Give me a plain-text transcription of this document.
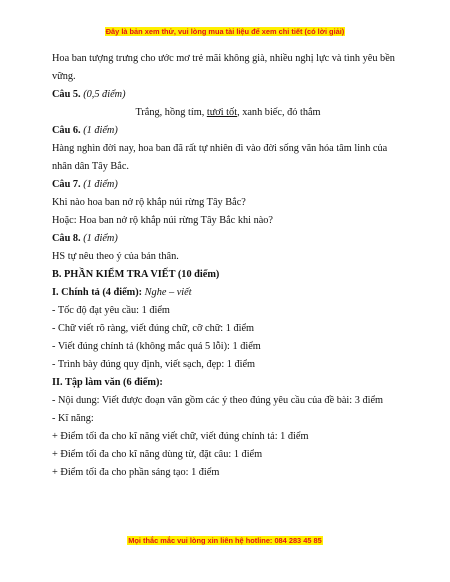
Đây là bản xem thử, vui lòng mua tài liệu để xem chi tiết (có lời giải)

Hoa ban tượng trưng cho ước mơ trẻ mãi không già, nhiều nghị lực và tình yêu bền vững.

Câu 5. (0,5 điểm)

Trắng, hồng tím, tươi tốt, xanh biếc, đỏ thắm

Câu 6. (1 điểm)

Hàng nghìn đời nay, hoa ban đã rất tự nhiên đi vào đời sống văn hóa tâm linh của nhân dân Tây Bắc.

Câu 7. (1 điểm)

Khi nào hoa ban nở rộ khắp núi rừng Tây Bắc?

Hoặc: Hoa ban nở rộ khắp núi rừng Tây Bắc khi nào?

Câu 8. (1 điểm)

HS tự nêu theo ý của bản thân.

B. PHẦN KIỂM TRA VIẾT (10 điểm)

I. Chính tả (4 điểm): Nghe – viết

- Tốc độ đạt yêu cầu: 1 điểm

- Chữ viết rõ ràng, viết đúng chữ, cỡ chữ: 1 điểm

- Viết đúng chính tả (không mắc quá 5 lỗi): 1 điểm

- Trình bày đúng quy định, viết sạch, đẹp: 1 điểm

II. Tập làm văn (6 điểm):

- Nội dung: Viết được đoạn văn gồm các ý theo đúng yêu cầu của đề bài: 3 điểm

- Kĩ năng:

+ Điểm tối đa cho kĩ năng viết chữ, viết đúng chính tả: 1 điểm

+ Điểm tối đa cho kĩ năng dùng từ, đặt câu: 1 điểm

+ Điểm tối đa cho phần sáng tạo: 1 điểm

Mọi thắc mắc vui lòng xin liên hệ hotline: 084 283 45 85
